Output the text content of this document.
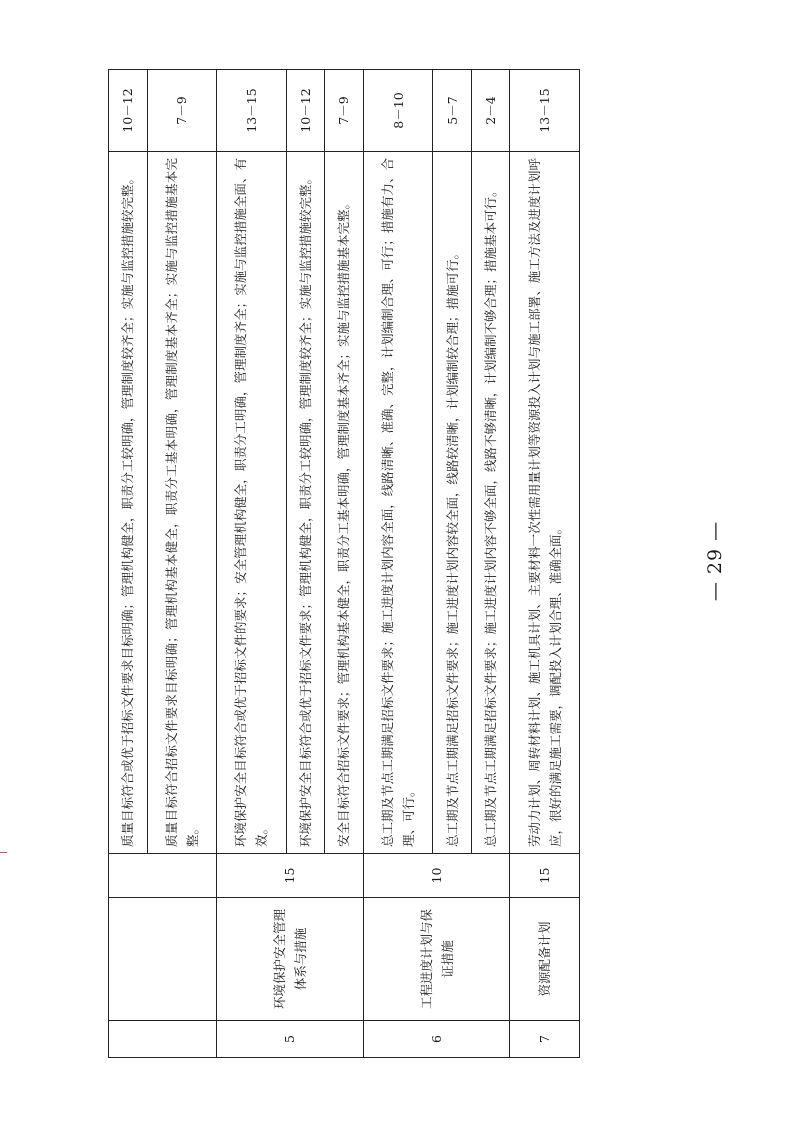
			质量目标符合或优于招标文件要求目标明确；管理机构健全，职责分工较明确，管理制度较齐全；实施与监控措施较完整。	10－12
			质量目标符合招标文件要求目标明确；管理机构基本健全，职责分工基本明确，管理制度基本齐全；实施与监控措施基本完整。	7－9
5	环境保护安全管理体系与措施	15	环境保护安全目标符合或优于招标文件的要求；安全管理机构健全，职责分工明确，管理制度齐全；实施与监控措施全面、有效。	13－15
			环境保护安全目标符合或优于招标文件要求；管理机构健全，职责分工较明确，管理制度较齐全；实施与监控措施较完整。	10－12
			安全目标符合招标文件要求；管理机构基本健全，职责分工基本明确，管理制度基本齐全；实施与监控措施基本完整。	7－9
6	工程进度计划与保证措施	10	总工期及节点工期满足招标文件要求；施工进度计划内容全面，线路清晰、准确、完整，计划编制合理、可行；措施有力、合理、可行。	8－10
			总工期及节点工期满足招标文件要求；施工进度计划内容较全面，线路较清晰，计划编制较合理；措施可行。	5－7
			总工期及节点工期满足招标文件要求；施工进度计划内容不够全面，线路不够清晰，计划编制不够合理；措施基本可行。	2－4
7	资源配备计划	15	劳动力计划、周转材料计划、施工机具计划、主要材料一次性需用量计划等资源投入计划与施工部署、施工方法及进度计划呼应，很好的满足施工需要，调配投入计划合理、准确全面。	13－15
— 29 —
